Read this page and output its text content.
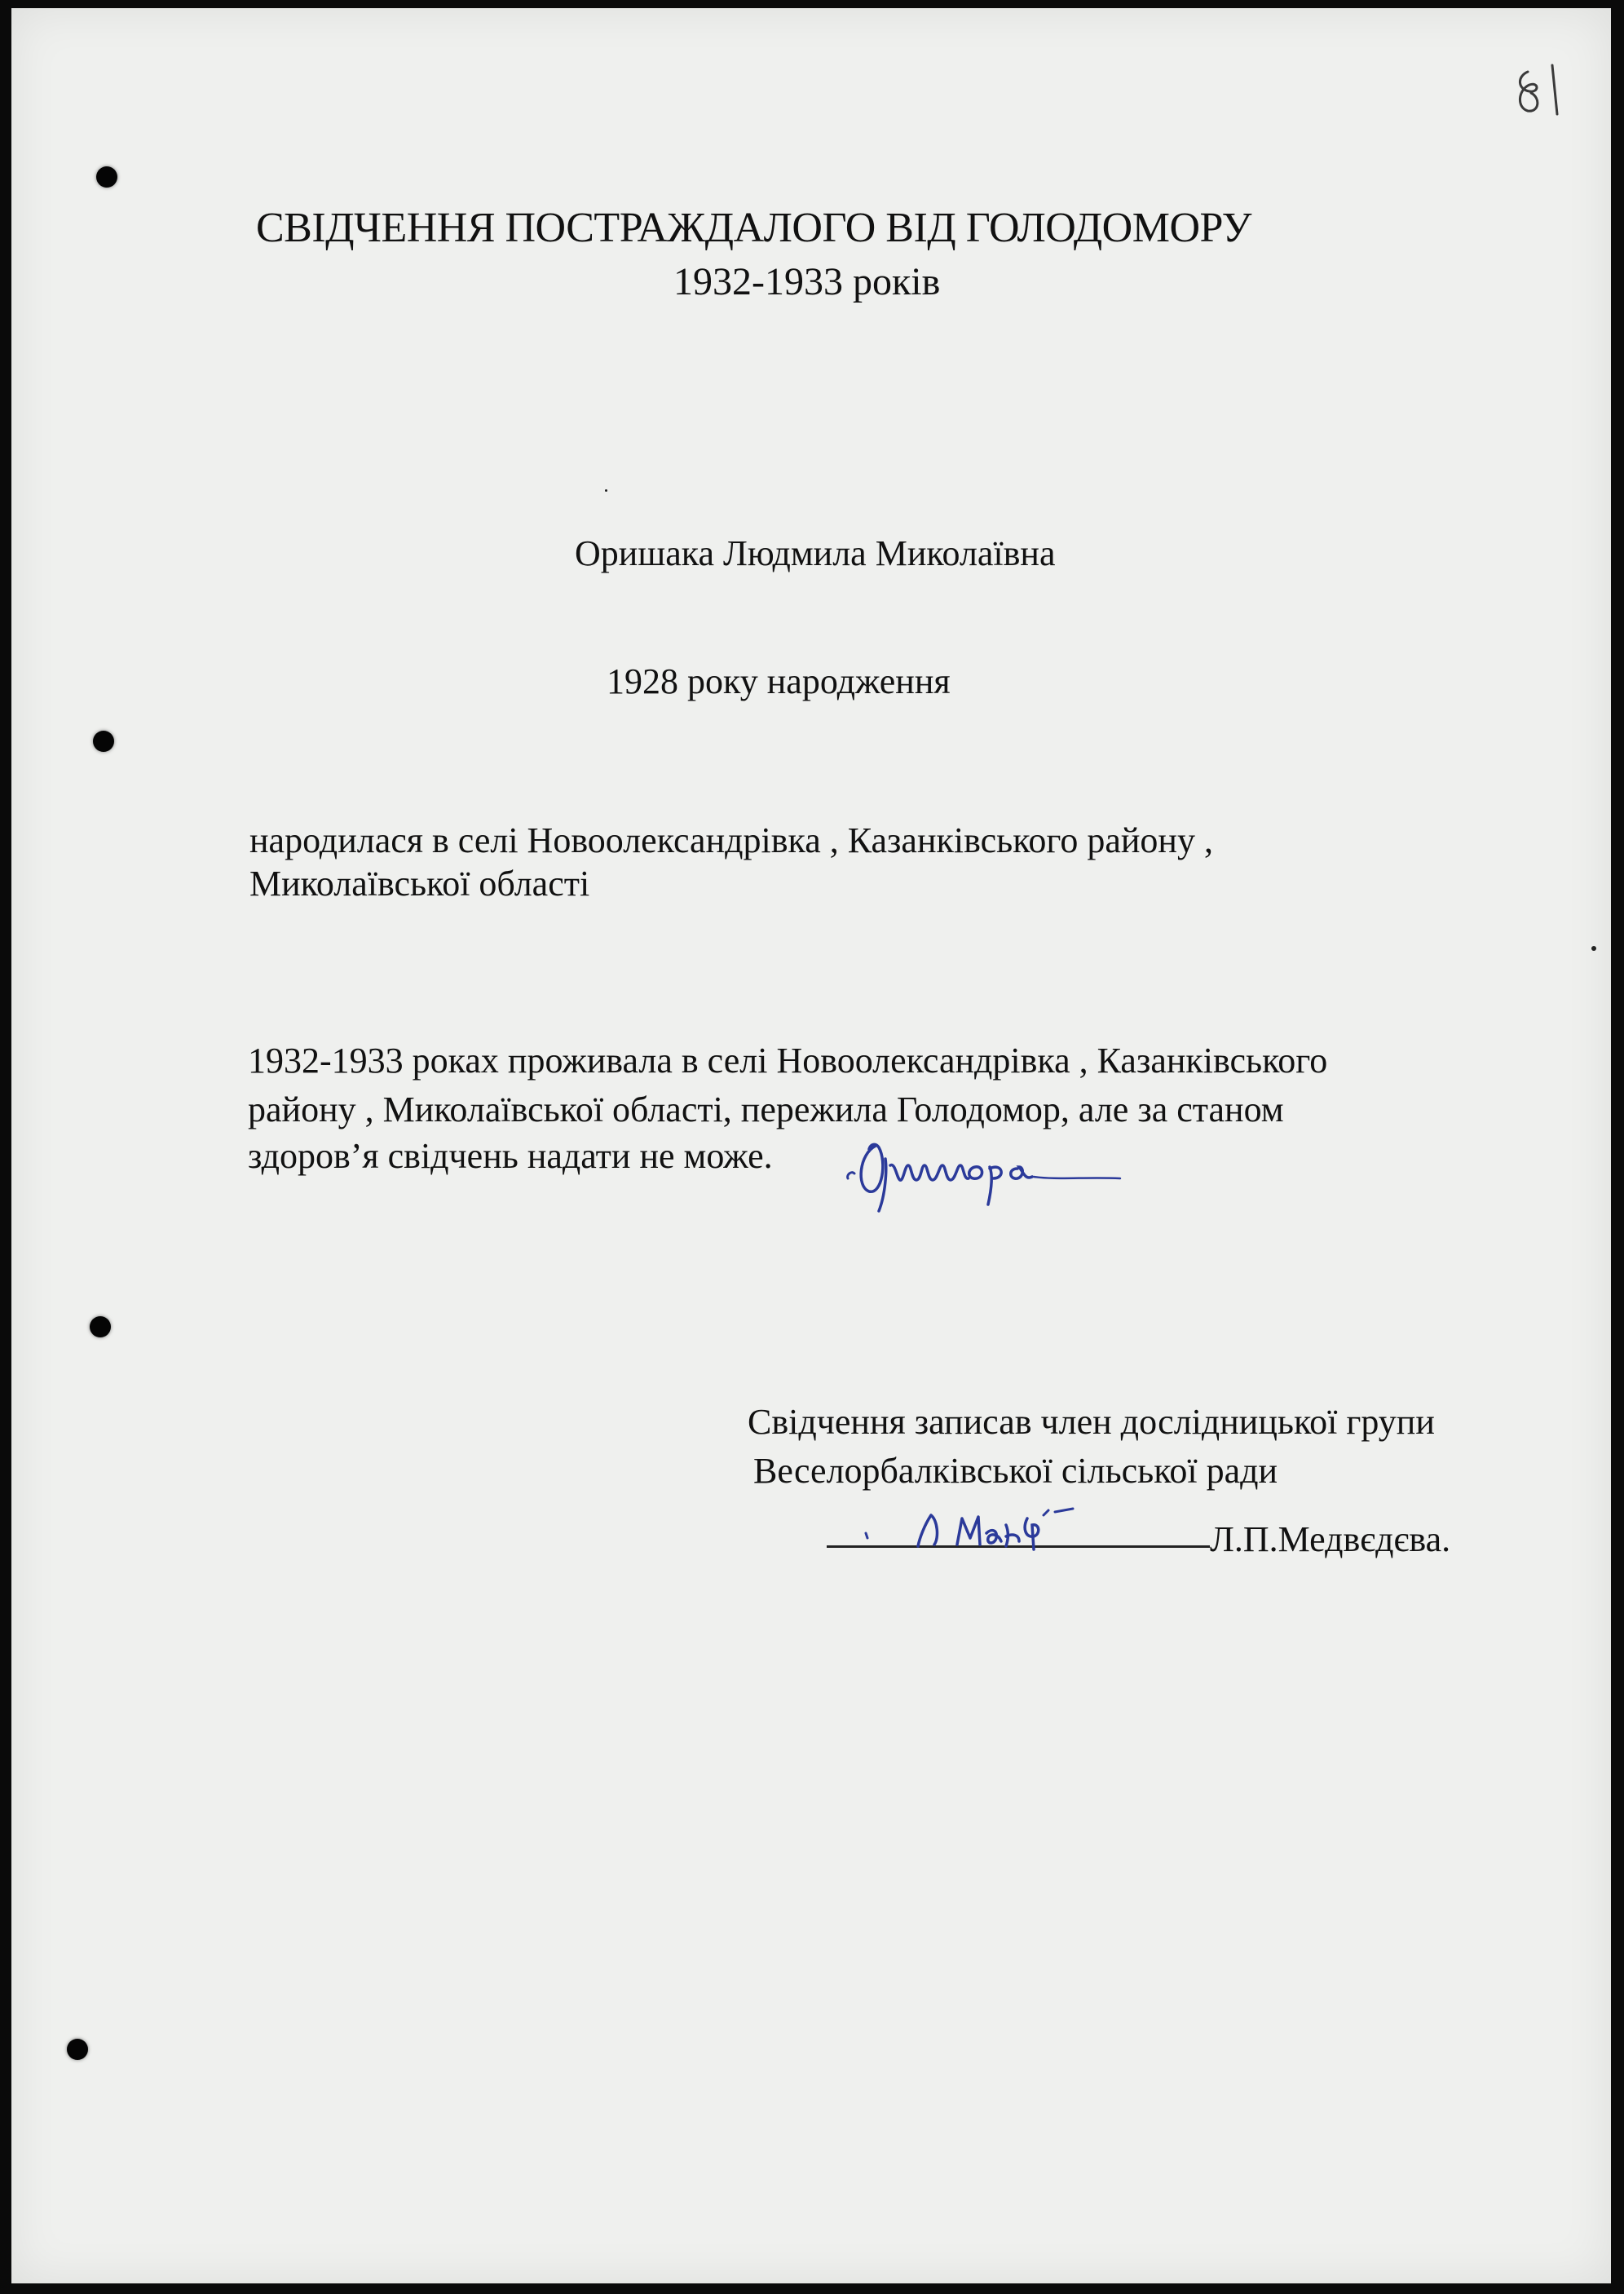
СВІДЧЕННЯ ПОСТРАЖДАЛОГО ВІД ГОЛОДОМОРУ
1932-1933 років
Оришака Людмила Миколаївна
1928 року народження
народилася в селі Новоолександрівка , Казанківського району ,
Миколаївської області
1932-1933 роках проживала в селі Новоолександрівка , Казанківського
району , Миколаївської області, пережила Голодомор, але за станом
здоров’я свідчень надати не може.
Свідчення записав член дослідницької групи
Веселорбалківської сільської ради
Л.П.Медвєдєва.
